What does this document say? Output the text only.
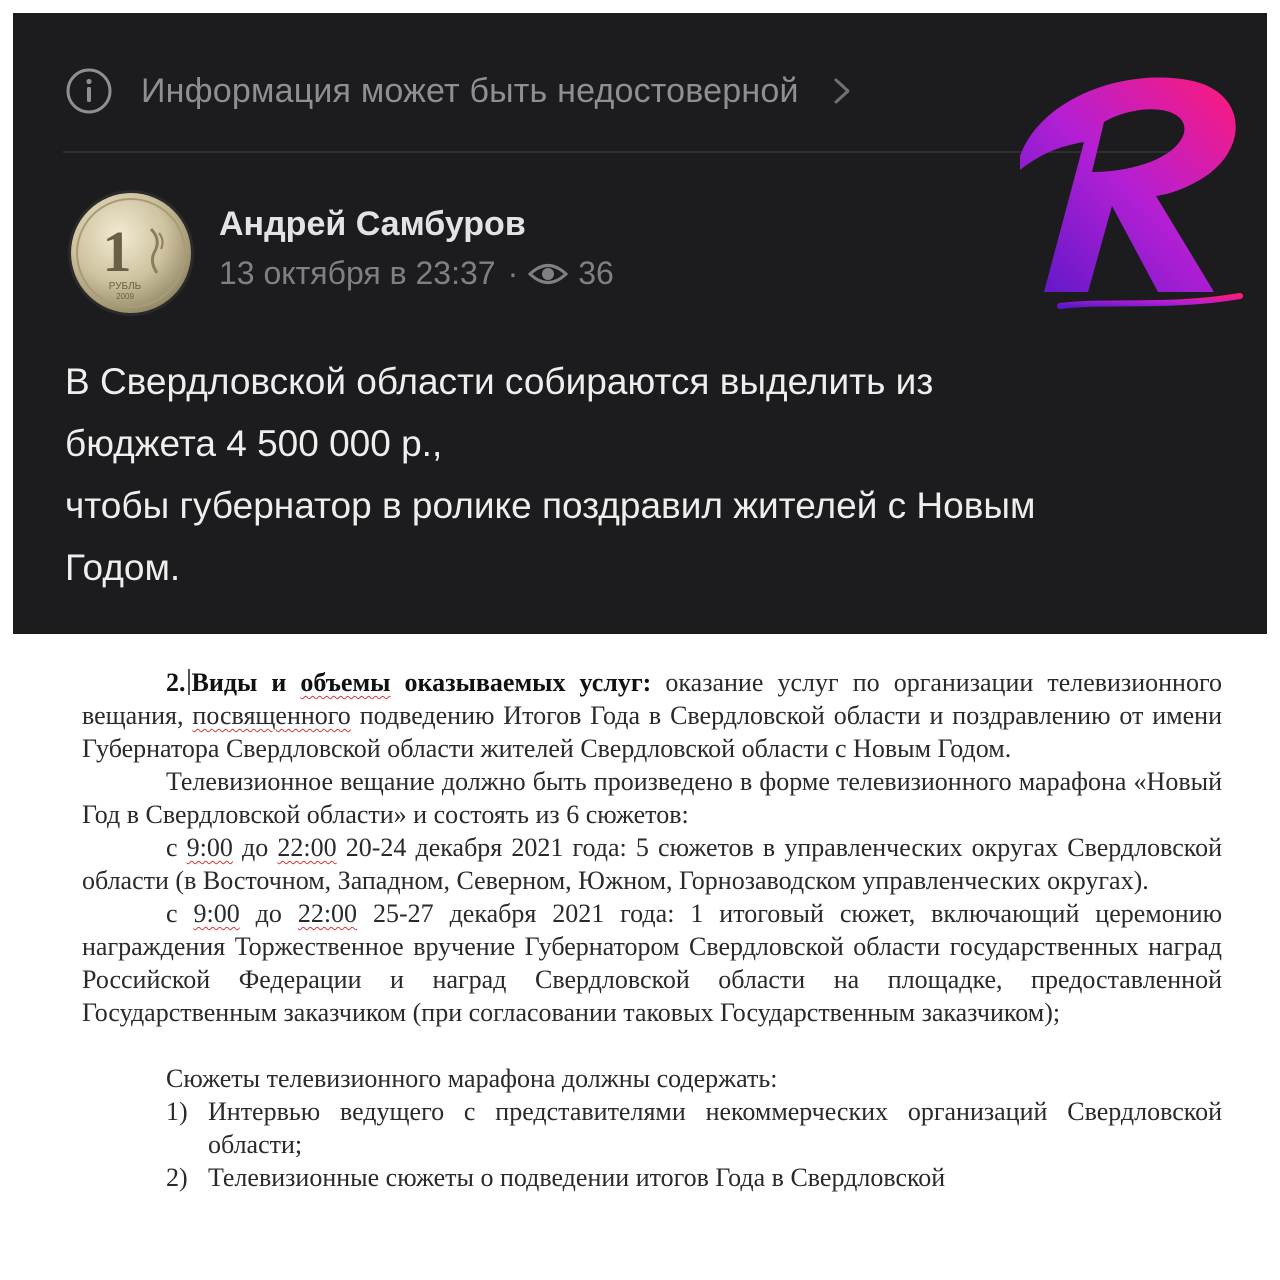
Информация может быть недостоверной
1
РУБЛЬ
2009
Андрей Самбуров
13 октября в 23:37 · 36

В Свердловской области собираются выделить из

бюджета 4 500 000 р.,

чтобы губернатор в ролике поздравил жителей с Новым

Годом.

2. Виды и объемы оказываемых услуг: оказание услуг по организации телевизионного вещания, посвященного подведению Итогов Года в Свердловской области и поздравлению от имени Губернатора Свердловской области жителей Свердловской области с Новым Годом.

Телевизионное вещание должно быть произведено в форме телевизионного марафона «Новый Год в Свердловской области» и состоять из 6 сюжетов:

с 9:00 до 22:00 20-24 декабря 2021 года: 5 сюжетов в управленческих округах Свердловской области (в Восточном, Западном, Северном, Южном, Горнозаводском управленческих округах).

с 9:00 до 22:00 25-27 декабря 2021 года: 1 итоговый сюжет, включающий церемонию награждения Торжественное вручение Губернатором Свердловской области государственных наград Российской Федерации и наград Свердловской области на площадке, предоставленной Государственным заказчиком (при согласовании таковых Государственным заказчиком);

Сюжеты телевизионного марафона должны содержать:

1) Интервью ведущего с представителями некоммерческих организаций Свердловской области;
2) Телевизионные сюжеты о подведении итогов Года в Свердловской
